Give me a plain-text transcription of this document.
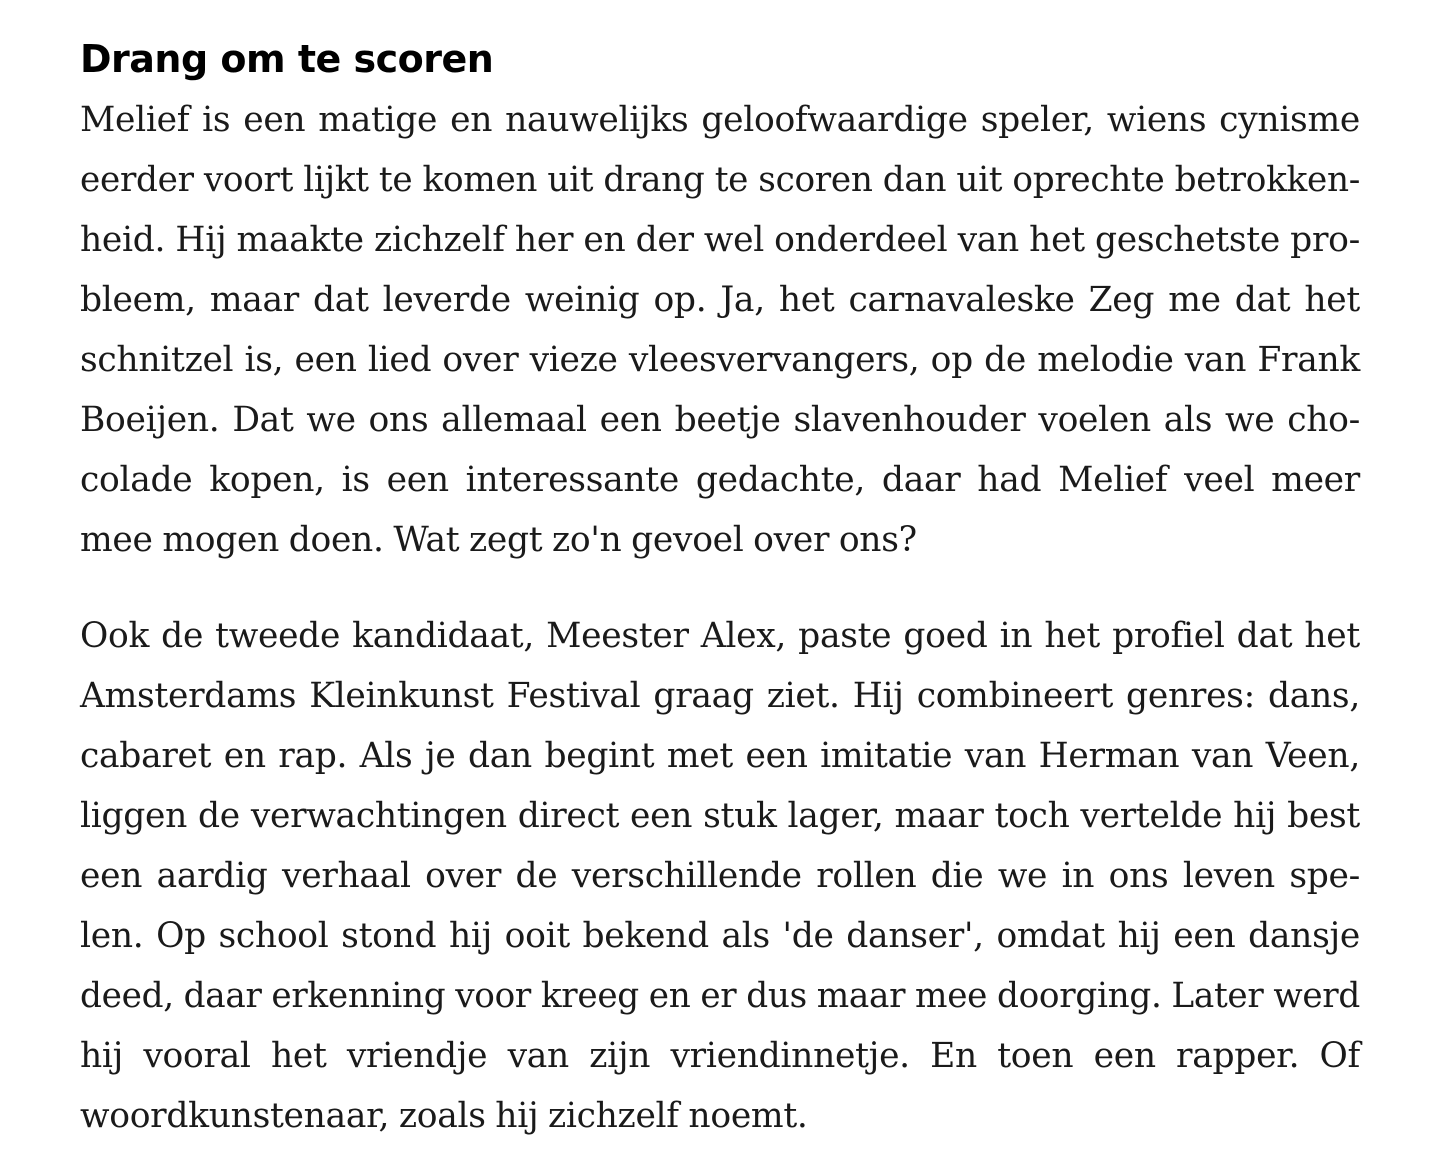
Drang om te scoren

Melief is een matige en nauwelijks geloofwaardige speler, wiens cynisme
eerder voort lijkt te komen uit drang te scoren dan uit oprechte betrokken-
heid. Hij maakte zichzelf her en der wel onderdeel van het geschetste pro-
bleem, maar dat leverde weinig op. Ja, het carnavaleske Zeg me dat het
schnitzel is, een lied over vieze vleesvervangers, op de melodie van Frank
Boeijen. Dat we ons allemaal een beetje slavenhouder voelen als we cho-
colade kopen, is een interessante gedachte, daar had Melief veel meer
mee mogen doen. Wat zegt zo'n gevoel over ons?

Ook de tweede kandidaat, Meester Alex, paste goed in het profiel dat het
Amsterdams Kleinkunst Festival graag ziet. Hij combineert genres: dans,
cabaret en rap. Als je dan begint met een imitatie van Herman van Veen,
liggen de verwachtingen direct een stuk lager, maar toch vertelde hij best
een aardig verhaal over de verschillende rollen die we in ons leven spe-
len. Op school stond hij ooit bekend als 'de danser', omdat hij een dansje
deed, daar erkenning voor kreeg en er dus maar mee doorging. Later werd
hij vooral het vriendje van zijn vriendinnetje. En toen een rapper. Of
woordkunstenaar, zoals hij zichzelf noemt.
